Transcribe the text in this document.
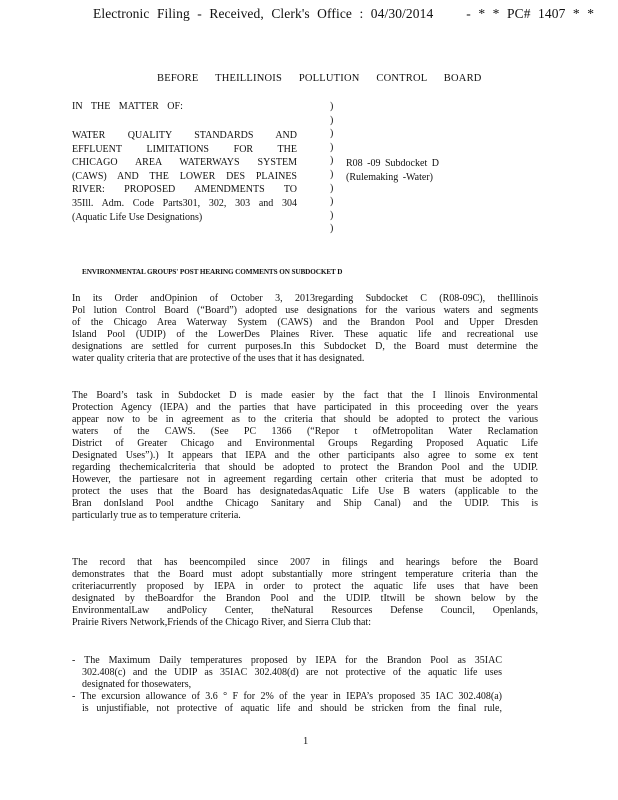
Electronic Filing - Received, Clerk's Office : 04/30/2014 - * * PC# 1407 * *
BEFORE THEILLINOIS POLLUTION CONTROL BOARD
IN THE MATTER OF:
WATER QUALITY STANDARDS AND
EFFLUENT LIMITATIONS FOR THE
CHICAGO AREA WATERWAYS SYSTEM
(CAWS) AND THE LOWER DES PLAINES
RIVER: PROPOSED AMENDMENTS TO
35Ill. Adm. Code Parts301, 302, 303 and 304
(Aquatic Life Use Designations)
)
)
)
)
)
)
)
)
)
)
R08 -09 Subdocket D
(Rulemaking -Water)
ENVIRONMENTAL GROUPS' POST HEARING COMMENTS ON SUBDOCKET D
In its Order andOpinion of October 3, 2013regarding Subdocket C (R08-09C), theIllinois
Pol lution Control Board (“Board”) adopted use designations for the various waters and segments
of the Chicago Area Waterway System (CAWS) and the Brandon Pool and Upper Dresden
Island Pool (UDIP) of the LowerDes Plaines River. These aquatic life and recreational use
designations are settled for current purposes.In this Subdocket D, the Board must determine the
water quality criteria that are protective of the uses that it has designated.
The Board’s task in Subdocket D is made easier by the fact that the I llinois Environmental
Protection Agency (IEPA) and the parties that have participated in this proceeding over the years
appear now to be in agreement as to the criteria that should be adopted to protect the various
waters of the CAWS. (See PC 1366 (“Repor t ofMetropolitan Water Reclamation
District of Greater Chicago and Environmental Groups Regarding Proposed Aquatic Life
Designated Uses”).) It appears that IEPA and the other participants also agree to some ex tent
regarding thechemicalcriteria that should be adopted to protect the Brandon Pool and the UDIP.
However, the partiesare not in agreement regarding certain other criteria that must be adopted to
protect the uses that the Board has designatedasAquatic Life Use B waters (applicable to the
Bran donIsland Pool andthe Chicago Sanitary and Ship Canal) and the UDIP. This is
particularly true as to temperature criteria.
The record that has beencompiled since 2007 in filings and hearings before the Board
demonstrates that the Board must adopt substantially more stringent temperature criteria than the
criteriacurrently proposed by IEPA in order to protect the aquatic life uses that have been
designated by theBoardfor the Brandon Pool and the UDIP. tItwill be shown below by the
EnvironmentalLaw andPolicy Center, theNatural Resources Defense Council, Openlands,
Prairie Rivers Network,Friends of the Chicago River, and Sierra Club that:
- The Maximum Daily temperatures proposed by IEPA for the Brandon Pool as 35IAC
302.408(c) and the UDIP as 35IAC 302.408(d) are not protective of the aquatic life uses
designated for thosewaters,
- The excursion allowance of 3.6 ° F for 2% of the year in IEPA’s proposed 35 IAC 302.408(a)
is unjustifiable, not protective of aquatic life and should be stricken from the final rule,
1
